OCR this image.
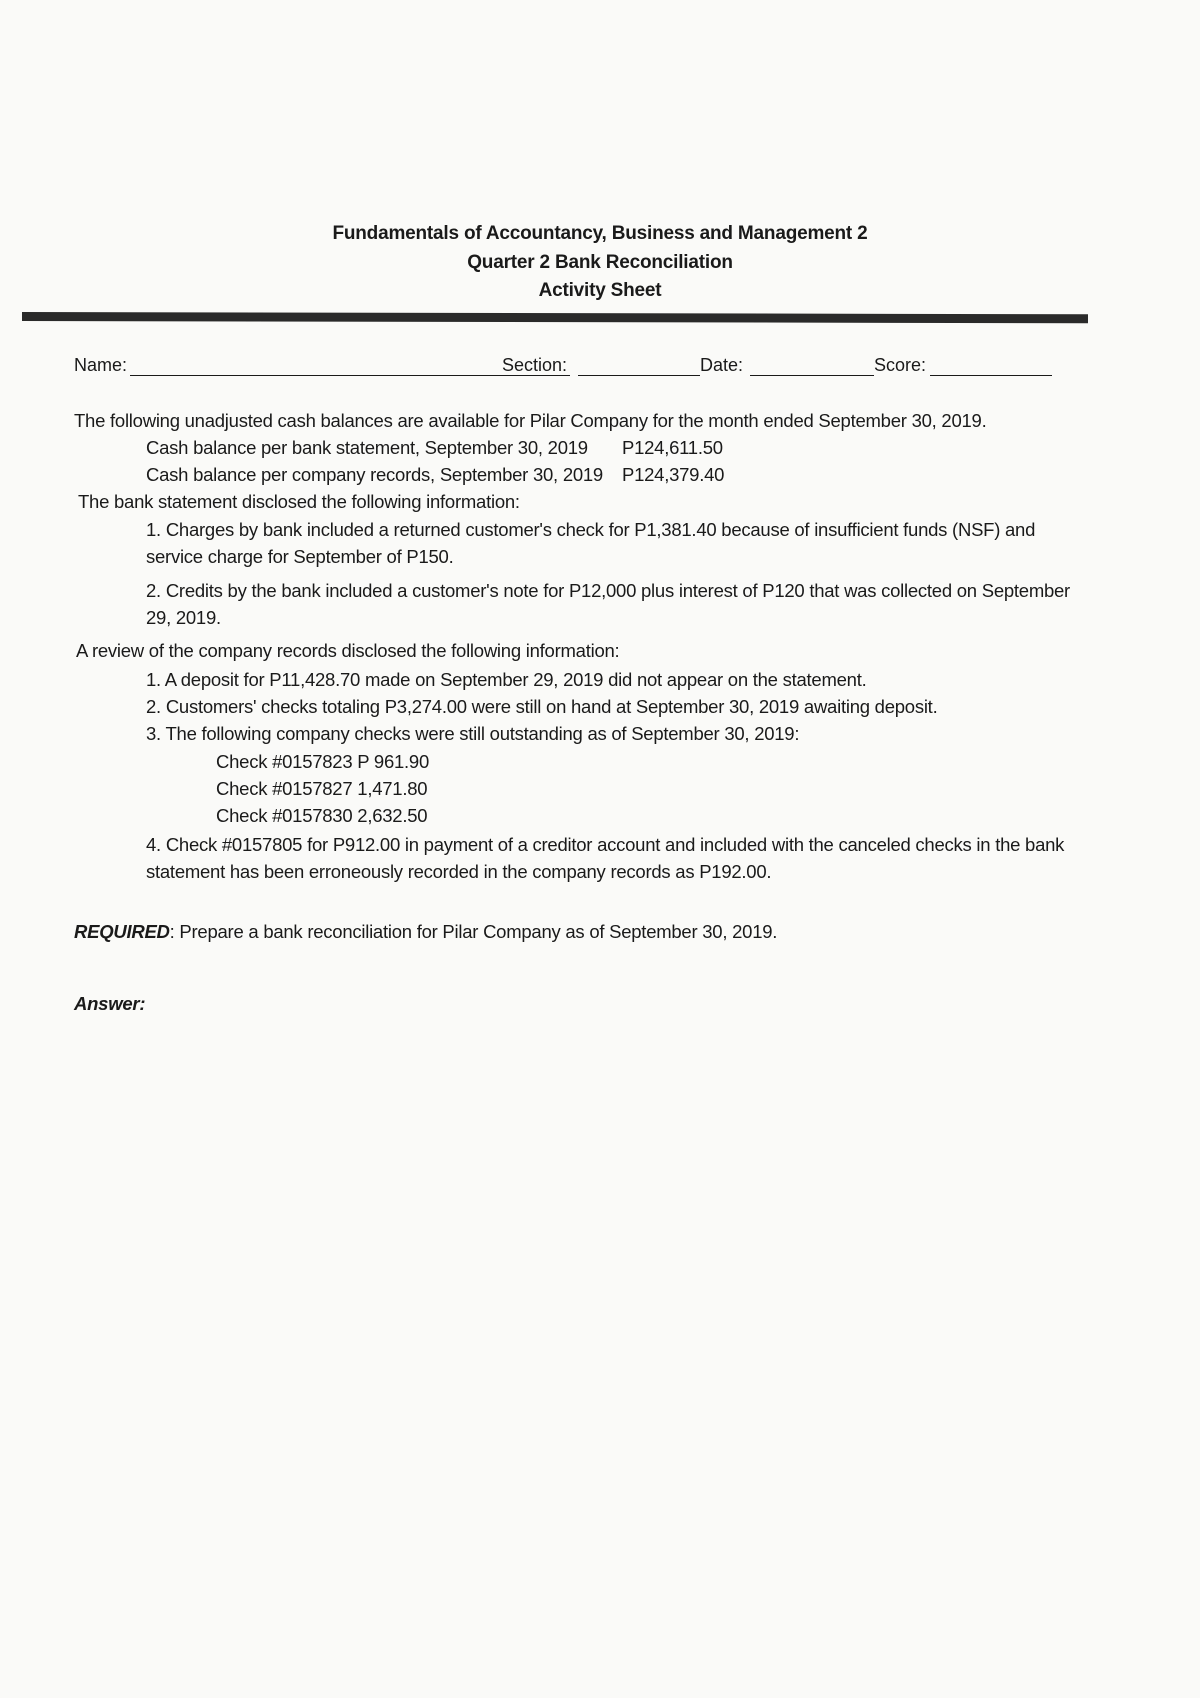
Fundamentals of Accountancy, Business and Management 2
Quarter 2 Bank Reconciliation
Activity Sheet
Name:	Section:	Date:	Score:
The following unadjusted cash balances are available for Pilar Company for the month ended September 30, 2019.
Cash balance per bank statement, September 30, 2019 P124,611.50
Cash balance per company records, September 30, 2019 P124,379.40
The bank statement disclosed the following information:
1. Charges by bank included a returned customer's check for P1,381.40 because of insufficient funds (NSF) and service charge for September of P150.
2. Credits by the bank included a customer's note for P12,000 plus interest of P120 that was collected on September 29, 2019.
A review of the company records disclosed the following information:
1. A deposit for P11,428.70 made on September 29, 2019 did not appear on the statement.
2. Customers' checks totaling P3,274.00 were still on hand at September 30, 2019 awaiting deposit.
3. The following company checks were still outstanding as of September 30, 2019:
Check #0157823 P 961.90
Check #0157827 1,471.80
Check #0157830 2,632.50
4. Check #0157805 for P912.00 in payment of a creditor account and included with the canceled checks in the bank statement has been erroneously recorded in the company records as P192.00.
REQUIRED: Prepare a bank reconciliation for Pilar Company as of September 30, 2019.
Answer:
